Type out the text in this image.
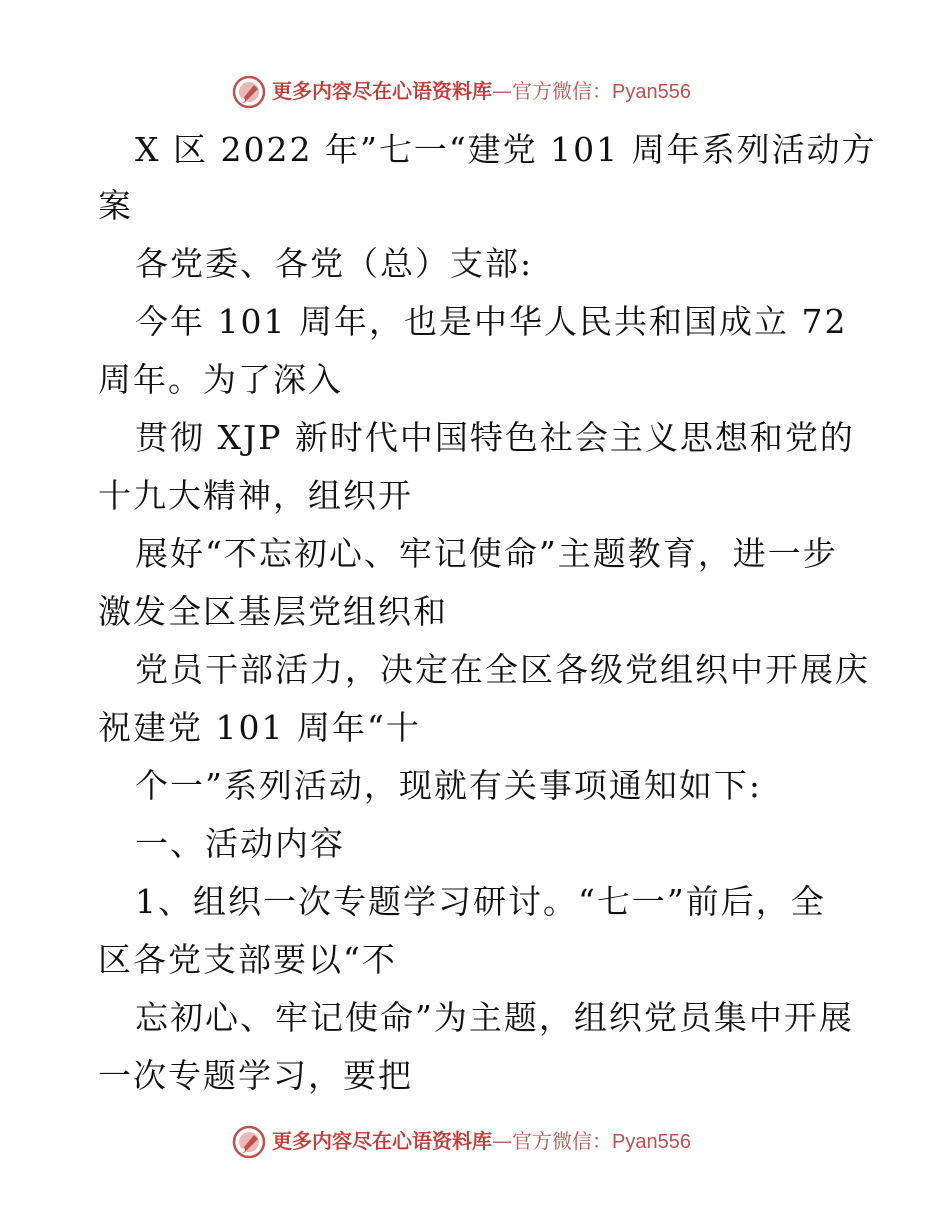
更多内容尽在心语资料库—官方微信：Pyan556
X 区 2022 年”七一“建党 101 周年系列活动方
案
各党委、各党（总）支部:
今年 101 周年，也是中华人民共和国成立 72
周年。为了深入
贯彻 XJP 新时代中国特色社会主义思想和党的
十九大精神，组织开
展好“不忘初心、牢记使命”主题教育，进一步
激发全区基层党组织和
党员干部活力，决定在全区各级党组织中开展庆
祝建党 101 周年“十
个一”系列活动，现就有关事项通知如下:
一、活动内容
1、组织一次专题学习研讨。“七一”前后，全
区各党支部要以“不
忘初心、牢记使命”为主题，组织党员集中开展
一次专题学习，要把
更多内容尽在心语资料库—官方微信：Pyan556
